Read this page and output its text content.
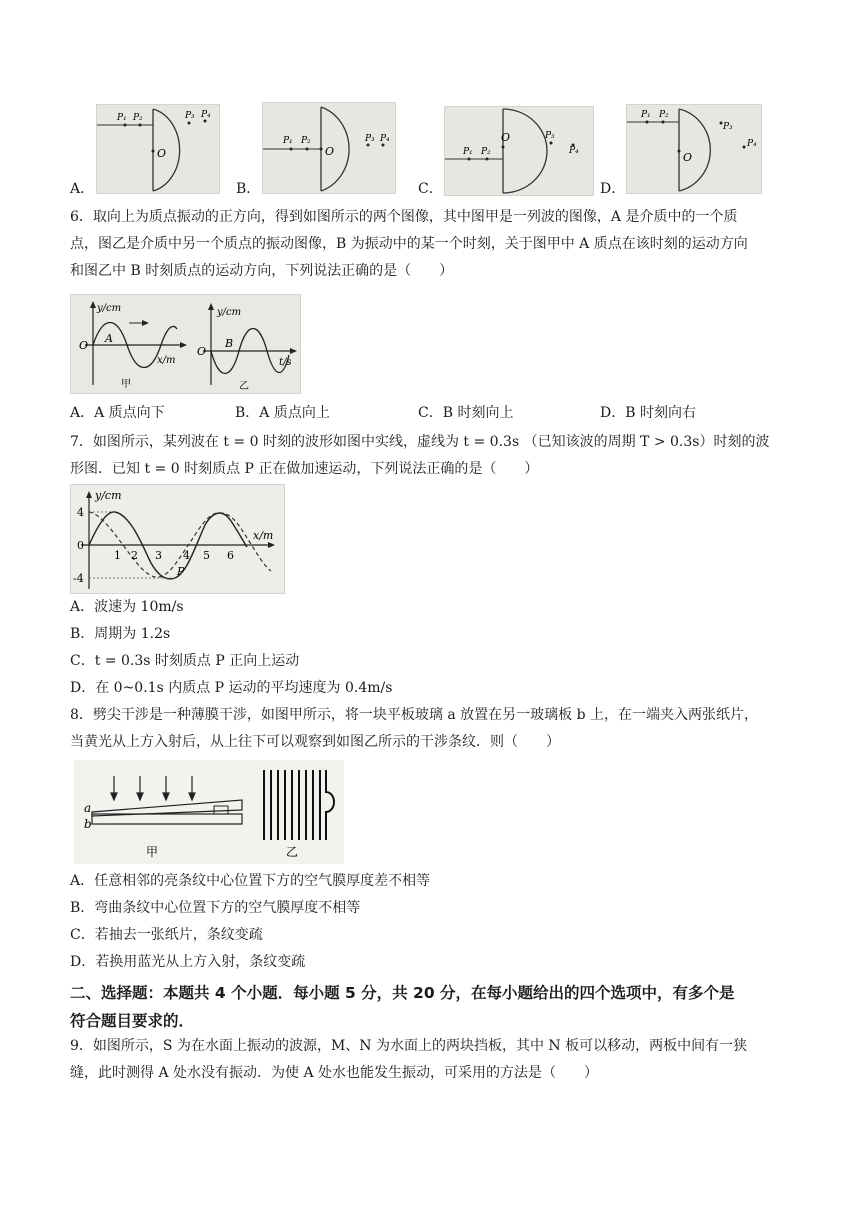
A．
P₁ P₂	P₃ P₄
O
B．
P₁ P₂	P₃ P₄
O
C．
P₁ P₂
P₃
P₄
O
D．
P₁ P₂
P₃
P₄
O
6．取向上为质点振动的正方向，得到如图所示的两个图像，其中图甲是一列波的图像，A 是介质中的一个质
点，图乙是介质中另一个质点的振动图像，B 为振动中的某一个时刻，关于图甲中 A 质点在该时刻的运动方向
和图乙中 B 时刻质点的运动方向，下列说法正确的是（　　）
y/cm
O
A
x/m
甲
y/cm
O
B
t/s
乙
A．A 质点向下	B．A 质点向上	C．B 时刻向上	D．B 时刻向右
7．如图所示，某列波在 t = 0 时刻的波形如图中实线，虚线为 t = 0.3s （已知该波的周期 T > 0.3s）时刻的波
形图．已知 t = 0 时刻质点 P 正在做加速运动，下列说法正确的是（　　）
y/cm
4
0
-4
1 2 3 4 5 6
x/m
P
A．波速为 10m/s
B．周期为 1.2s
C．t = 0.3s 时刻质点 P 正向上运动
D．在 0~0.1s 内质点 P 运动的平均速度为 0.4m/s
8．劈尖干涉是一种薄膜干涉，如图甲所示，将一块平板玻璃 a 放置在另一玻璃板 b 上，在一端夹入两张纸片，
当黄光从上方入射后，从上往下可以观察到如图乙所示的干涉条纹．则（　　）
a
b
甲	乙
A．任意相邻的亮条纹中心位置下方的空气膜厚度差不相等
B．弯曲条纹中心位置下方的空气膜厚度不相等
C．若抽去一张纸片，条纹变疏
D．若换用蓝光从上方入射，条纹变疏
二、选择题：本题共 4 个小题．每小题 5 分，共 20 分，在每小题给出的四个选项中，有多个是
符合题目要求的．
9．如图所示，S 为在水面上振动的波源，M、N 为水面上的两块挡板，其中 N 板可以移动，两板中间有一狭
缝，此时测得 A 处水没有振动．为使 A 处水也能发生振动，可采用的方法是（　　）
